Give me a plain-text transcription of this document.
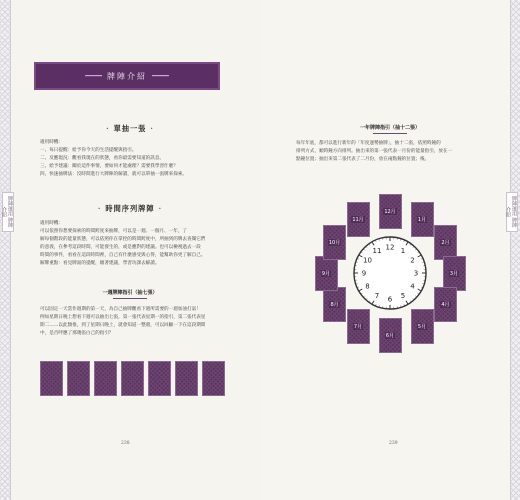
牌陣運用 牌陣介紹
━━━━ 牌陣介紹 ━━━━
· 單抽一張 ·
適用時機：
一、每日提醒：給予你今天的生活提醒與指引。
二、反應現況：觀看我現在的狀態，看你最需要知道的訊息。
三、給予建議：關於這件事情，要如何才能處理？需要我學習什麼？
四、快速抽牌法：沒時間進行大牌陣的解讀，就可以單抽一張牌來探索。
· 時間序列牌陣 ·
適用時機：
可以依照你想要探索的時間跨度來抽牌，可以是一週、一個月、一年，了
解每個階段的能量狀態，可以依照你在掌控的時間跨度中，所抽到的牌去查閱它們
的意義，在參考這段時間，可能發生的，或是應對的建議。也可以檢視過去一段
時間的事件，看看在這段時間裡，自己有什麼感受與心得，能幫助你更了解自己。
解牌重點：看見牌面的提醒，順著建議，學習功課去解讀。
一週牌陣指引（抽七張）
可以固定一天當作週期的第一天，為自己抽牌觀看下週所需要的一週加油打氣！
例如星期日晚上想看下週可以抽出七張，第一張代表星期一的指引，第二張代表星
期二……以此類推，到了星期日晚上，就會知道一整週，可以回顧一下在這段期間
中，是否呼應了那幾張白己的指引？
238
牌陣運用 牌陣介紹
一年牌陣指引（抽十二張）
每年年底，都可以進行新年的「年度運勢抽牌」，抽十二張，依照時鐘的
排列方式，順時鐘方向排列。抽出來的第一張代表一月份的能量指引，放在一
點鐘位置；抽出來第二張代表了二月份，放在兩點鐘的位置；後。
1
2
3
4
5
6
7
8
9
10
11 12
1月
2月
3月
4月
5月
6月
7月
8月
9月
10月
11月
12月
239
